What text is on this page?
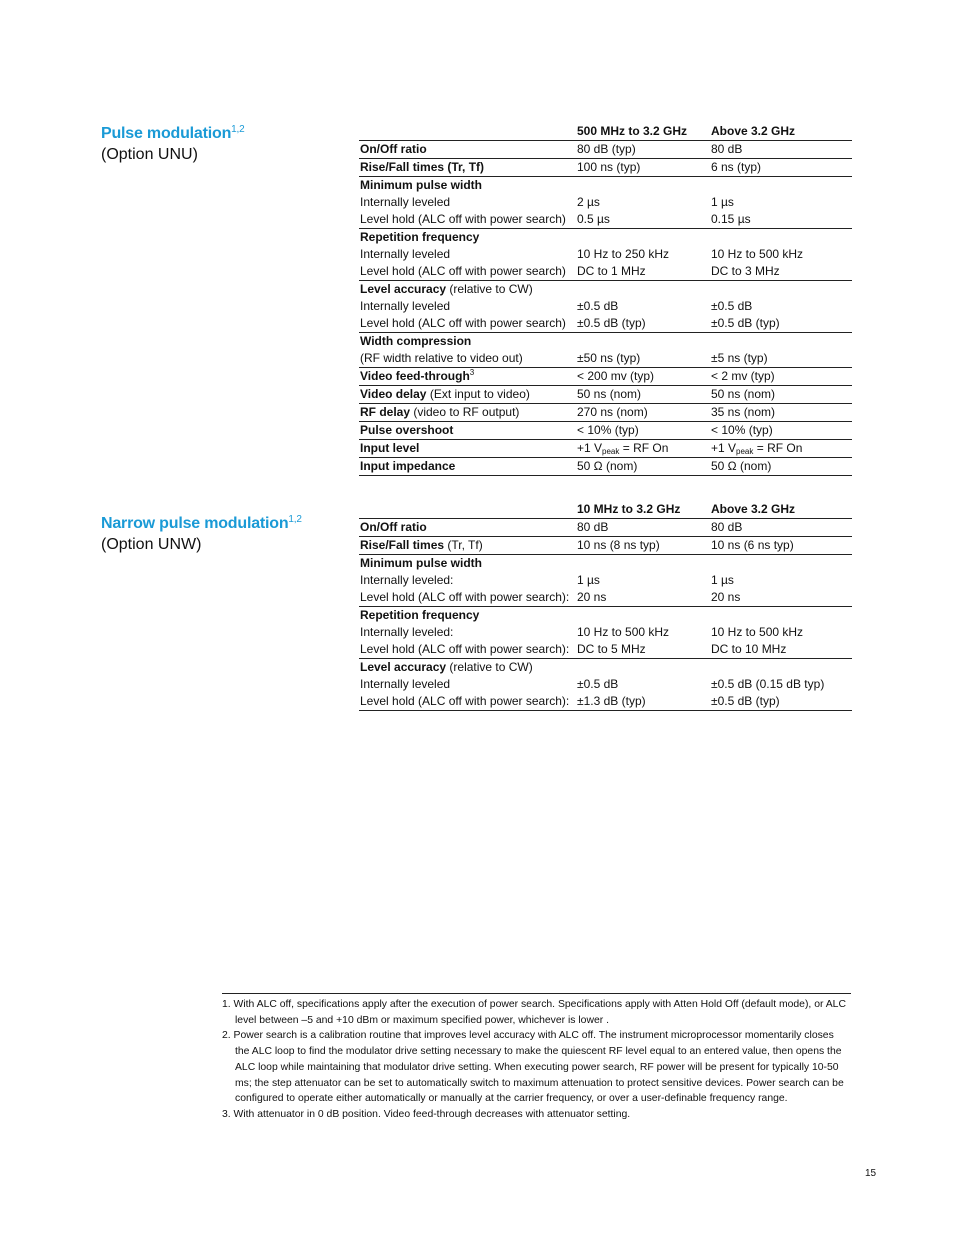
Pulse modulation$^{1,2}$
(Option UNU)
	500 MHz to 3.2 GHz	Above 3.2 GHz
On/Off ratio	80 dB (typ)	80 dB
Rise/Fall times (Tr, Tf)	100 ns (typ)	6 ns (typ)
Minimum pulse width		
Internally leveled	2 µs	1 µs
Level hold (ALC off with power search)	0.5 µs	0.15 µs
Repetition frequency		
Internally leveled	10 Hz to 250 kHz	10 Hz to 500 kHz
Level hold (ALC off with power search)	DC to 1 MHz	DC to 3 MHz
Level accuracy (relative to CW)		
Internally leveled	±0.5 dB	±0.5 dB
Level hold (ALC off with power search)	±0.5 dB (typ)	±0.5 dB (typ)
Width compression		
(RF width relative to video out)	±50 ns (typ)	±5 ns (typ)
Video feed-through$^3$	< 200 mv (typ)	< 2 mv (typ)
Video delay (Ext input to video)	50 ns (nom)	50 ns (nom)
RF delay (video to RF output)	270 ns (nom)	35 ns (nom)
Pulse overshoot	< 10% (typ)	< 10% (typ)
Input level	+1 $V_{peak}$ = RF On	+1 $V_{peak}$ = RF On
Input impedance	50 Ω (nom)	50 Ω (nom)
Narrow pulse modulation$^{1,2}$
(Option UNW)
	10 MHz to 3.2 GHz	Above 3.2 GHz
On/Off ratio	80 dB	80 dB
Rise/Fall times (Tr, Tf)	10 ns (8 ns typ)	10 ns (6 ns typ)
Minimum pulse width		
Internally leveled:	1 µs	1 µs
Level hold (ALC off with power search):	20 ns	20 ns
Repetition frequency		
Internally leveled:	10 Hz to 500 kHz	10 Hz to 500 kHz
Level hold (ALC off with power search):	DC to 5 MHz	DC to 10 MHz
Level accuracy (relative to CW)		
Internally leveled	±0.5 dB	±0.5 dB (0.15 dB typ)
Level hold (ALC off with power search):	±1.3 dB (typ)	±0.5 dB (typ)
1. With ALC off, specifications apply after the execution of power search. Specifications apply with Atten Hold Off (default mode), or ALC level between –5 and +10 dBm or maximum specified power, whichever is lower .
2. Power search is a calibration routine that improves level accuracy with ALC off. The instrument microprocessor momentarily closes the ALC loop to find the modulator drive setting necessary to make the quiescent RF level equal to an entered value, then opens the ALC loop while maintaining that modulator drive setting. When executing power search, RF power will be present for typically 10-50 ms; the step attenuator can be set to automatically switch to maximum attenuation to protect sensitive devices. Power search can be configured to operate either automatically or manually at the carrier frequency, or over a user-definable frequency range.
3. With attenuator in 0 dB position. Video feed-through decreases with attenuator setting.
15
